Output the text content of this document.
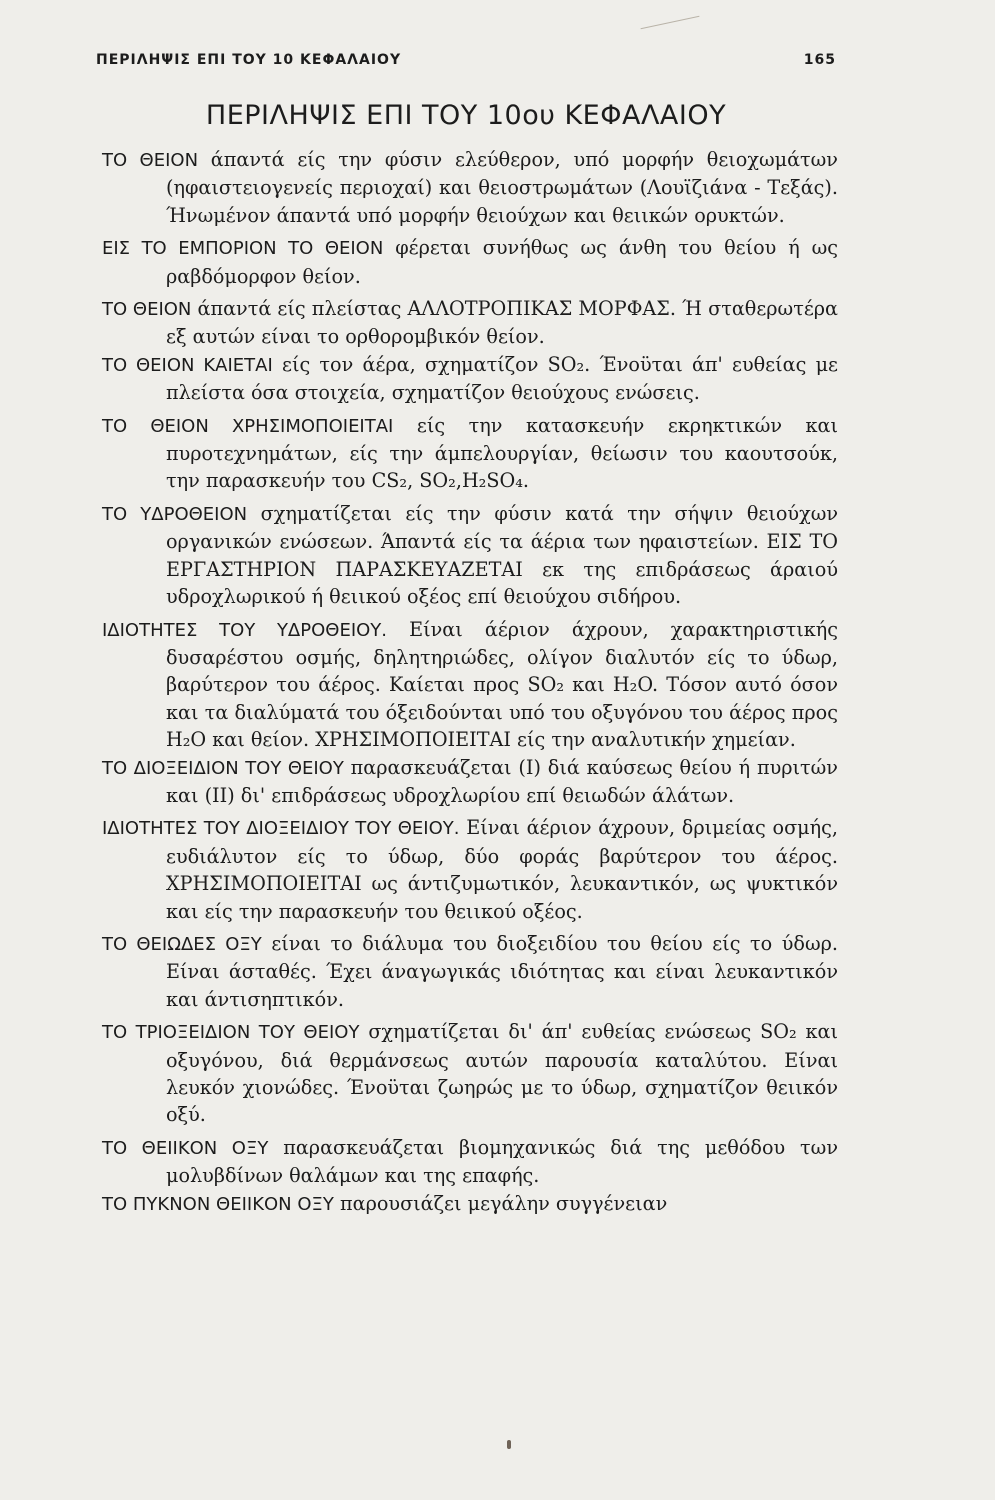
ΠΕΡΙΛΗΨΙΣ ΕΠΙ ΤΟΥ 10 ΚΕΦΑΛΑΙΟΥ	165
ΠΕΡΙΛΗΨΙΣ ΕΠΙ ΤΟΥ 10ου ΚΕΦΑΛΑΙΟΥ

ΤΟ ΘΕΙΟΝ άπαντά είς την φύσιν ελεύθερον, υπό μορφήν θειοχωμάτων (ηφαιστειογενείς περιοχαί) και θειοστρωμάτων (Λουϊζιάνα - Τεξάς). Ήνωμένον άπαντά υπό μορφήν θειούχων και θειικών ορυκτών.

ΕΙΣ ΤΟ ΕΜΠΟΡΙΟΝ ΤΟ ΘΕΙΟΝ φέρεται συνήθως ως άνθη του θείου ή ως ραβδόμορφον θείον.

ΤΟ ΘΕΙΟΝ άπαντά είς πλείστας ΑΛΛΟΤΡΟΠΙΚΑΣ ΜΟΡΦΑΣ. Ή σταθερωτέρα εξ αυτών είναι το ορθορομβικόν θείον.

ΤΟ ΘΕΙΟΝ ΚΑΙΕΤΑΙ είς τον άέρα, σχηματίζον SO₂. Ένοϋται άπ' ευθείας με πλείστα όσα στοιχεία, σχηματίζον θειούχους ενώσεις.

ΤΟ ΘΕΙΟΝ ΧΡΗΣΙΜΟΠΟΙΕΙΤΑΙ είς την κατασκευήν εκρηκτικών και πυροτεχνημάτων, είς την άμπελουργίαν, θείωσιν του καουτσούκ, την παρασκευήν του CS₂, SO₂,H₂SO₄.

ΤΟ ΥΔΡΟΘΕΙΟΝ σχηματίζεται είς την φύσιν κατά την σήψιν θειούχων οργανικών ενώσεων. Άπαντά είς τα άέρια των ηφαιστείων. ΕΙΣ ΤΟ ΕΡΓΑΣΤΗΡΙΟΝ ΠΑΡΑΣΚΕΥΑΖΕΤΑΙ εκ της επιδράσεως άραιού υδροχλωρικού ή θειικού οξέος επί θειούχου σιδήρου.

ΙΔΙΟΤΗΤΕΣ ΤΟΥ ΥΔΡΟΘΕΙΟΥ. Είναι άέριον άχρουν, χαρακτηριστικής δυσαρέστου οσμής, δηλητηριώδες, ολίγον διαλυτόν είς το ύδωρ, βαρύτερον του άέρος. Καίεται προς SO₂ και H₂O. Τόσον αυτό όσον και τα διαλύματά του όξειδούνται υπό του οξυγόνου του άέρος προς H₂O και θείον. ΧΡΗΣΙΜΟΠΟΙΕΙΤΑΙ είς την αναλυτικήν χημείαν.

ΤΟ ΔΙΟΞΕΙΔΙΟΝ ΤΟΥ ΘΕΙΟΥ παρασκευάζεται (Ι) διά καύσεως θείου ή πυριτών και (ΙΙ) δι' επιδράσεως υδροχλωρίου επί θειωδών άλάτων.

ΙΔΙΟΤΗΤΕΣ ΤΟΥ ΔΙΟΞΕΙΔΙΟΥ ΤΟΥ ΘΕΙΟΥ. Είναι άέριον άχρουν, δριμείας οσμής, ευδιάλυτον είς το ύδωρ, δύο φοράς βαρύτερον του άέρος. ΧΡΗΣΙΜΟΠΟΙΕΙΤΑΙ ως άντιζυμωτικόν, λευκαντικόν, ως ψυκτικόν και είς την παρασκευήν του θειικού οξέος.

ΤΟ ΘΕΙΩΔΕΣ ΟΞΥ είναι το διάλυμα του διοξειδίου του θείου είς το ύδωρ. Είναι άσταθές. Έχει άναγωγικάς ιδιότητας και είναι λευκαντικόν και άντισηπτικόν.

ΤΟ ΤΡΙΟΞΕΙΔΙΟΝ ΤΟΥ ΘΕΙΟΥ σχηματίζεται δι' άπ' ευθείας ενώσεως SO₂ και οξυγόνου, διά θερμάνσεως αυτών παρουσία καταλύτου. Είναι λευκόν χιονώδες. Ένοϋται ζωηρώς με το ύδωρ, σχηματίζον θειικόν οξύ.

ΤΟ ΘΕΙΙΚΟΝ ΟΞΥ παρασκευάζεται βιομηχανικώς διά της μεθόδου των μολυβδίνων θαλάμων και της επαφής.

ΤΟ ΠΥΚΝΟΝ ΘΕΙΙΚΟΝ ΟΞΥ παρουσιάζει μεγάλην συγγένειαν
